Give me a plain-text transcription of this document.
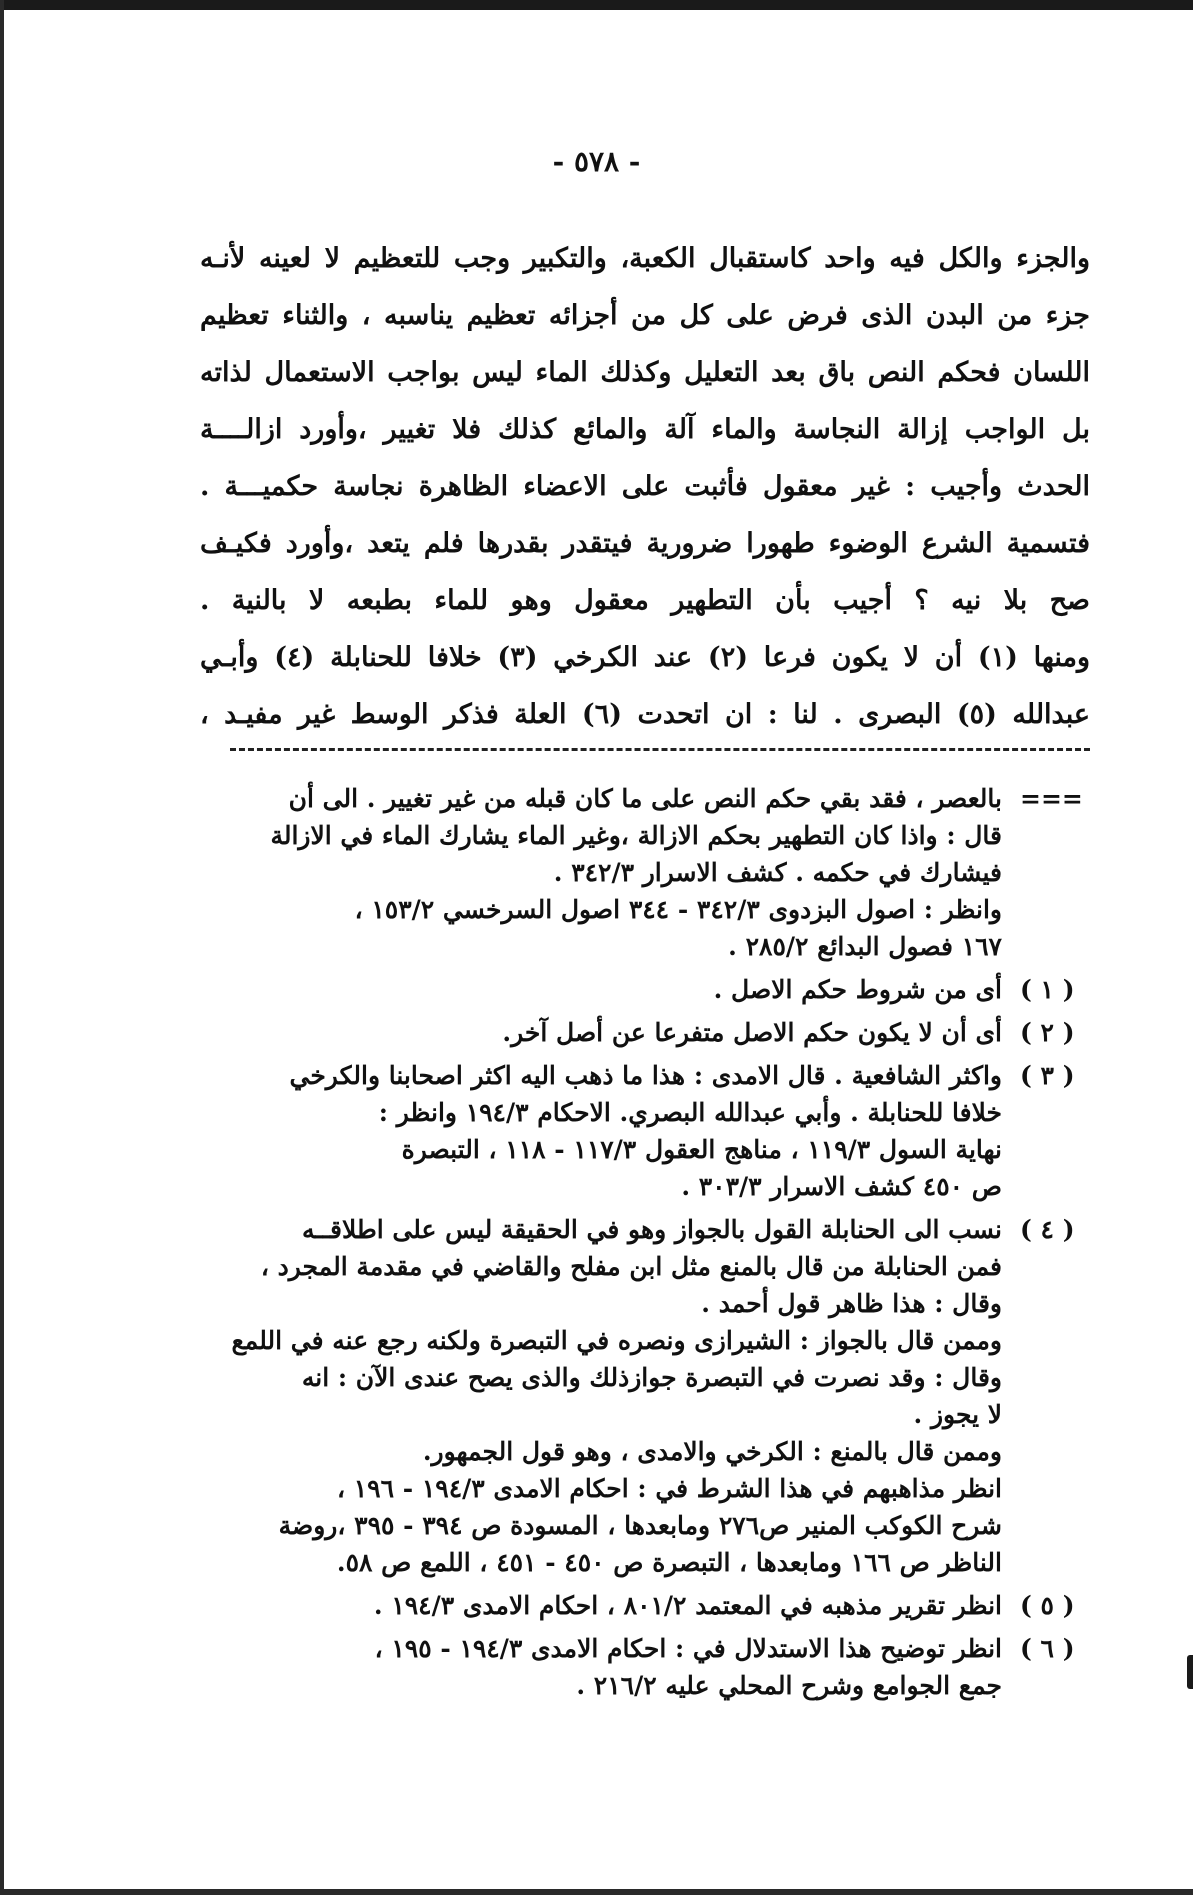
- ٥٧٨ -
والجزء والكل فيه واحد كاستقبال الكعبة، والتكبير وجب للتعظيم لا لعينه لأنـه
جزء من البدن الذى فرض على كل من أجزائه تعظيم يناسبه ، والثناء تعظيم
اللسان فحكم النص باق بعد التعليل وكذلك الماء ليس بواجب الاستعمال لذاته
بل الواجب إزالة النجاسة والماء آلة والمائع كذلك فلا تغيير ،وأورد ازالــــة
الحدث وأجيب : غير معقول فأثبت على الاعضاء الظاهرة نجاسة حكميـــة .
فتسمية الشرع الوضوء طهورا ضرورية فيتقدر بقدرها فلم يتعد ،وأورد فكيـف
صح بلا نيه ؟ أجيب بأن التطهير معقول وهو للماء بطبعه لا بالنية .
ومنها (١) أن لا يكون فرعا (٢) عند الكرخي (٣) خلافا للحنابلة (٤) وأبـي
عبدالله (٥) البصرى . لنا : ان اتحدت (٦) العلة فذكر الوسط غير مفيـد ،
===
بالعصر ، فقد بقي حكم النص على ما كان قبله من غير تغيير . الى أن
قال : واذا كان التطهير بحكم الازالة ،وغير الماء يشارك الماء في الازالة
فيشارك في حكمه . كشف الاسرار ٣٤٢/٣ .
وانظر : اصول البزدوى ٣٤٢/٣ - ٣٤٤ اصول السرخسي ١٥٣/٢ ،
١٦٧ فصول البدائع ٢٨٥/٢ .
( ١ )
أى من شروط حكم الاصل .
( ٢ )
أى أن لا يكون حكم الاصل متفرعا عن أصل آخر.
( ٣ )
واكثر الشافعية . قال الامدى : هذا ما ذهب اليه اكثر اصحابنا والكرخي
خلافا للحنابلة . وأبي عبدالله البصري. الاحكام ١٩٤/٣ وانظر :
نهاية السول ١١٩/٣ ، مناهج العقول ١١٧/٣ - ١١٨ ، التبصرة
ص ٤٥٠ كشف الاسرار ٣٠٣/٣ .
( ٤ )
نسب الى الحنابلة القول بالجواز وهو في الحقيقة ليس على اطلاقــه
فمن الحنابلة من قال بالمنع مثل ابن مفلح والقاضي في مقدمة المجرد ،
وقال : هذا ظاهر قول أحمد .
وممن قال بالجواز : الشيرازى ونصره في التبصرة ولكنه رجع عنه في اللمع
وقال : وقد نصرت في التبصرة جوازذلك والذى يصح عندى الآن : انه
لا يجوز .
وممن قال بالمنع : الكرخي والامدى ، وهو قول الجمهور.
انظر مذاهبهم في هذا الشرط في : احكام الامدى ١٩٤/٣ - ١٩٦ ،
شرح الكوكب المنير ص٢٧٦ ومابعدها ، المسودة ص ٣٩٤ - ٣٩٥ ،روضة
الناظر ص ١٦٦ ومابعدها ، التبصرة ص ٤٥٠ - ٤٥١ ، اللمع ص ٥٨.
( ٥ )
انظر تقرير مذهبه في المعتمد ٨٠١/٢ ، احكام الامدى ١٩٤/٣ .
( ٦ )
انظر توضيح هذا الاستدلال في : احكام الامدى ١٩٤/٣ - ١٩٥ ،
جمع الجوامع وشرح المحلي عليه ٢١٦/٢ .
